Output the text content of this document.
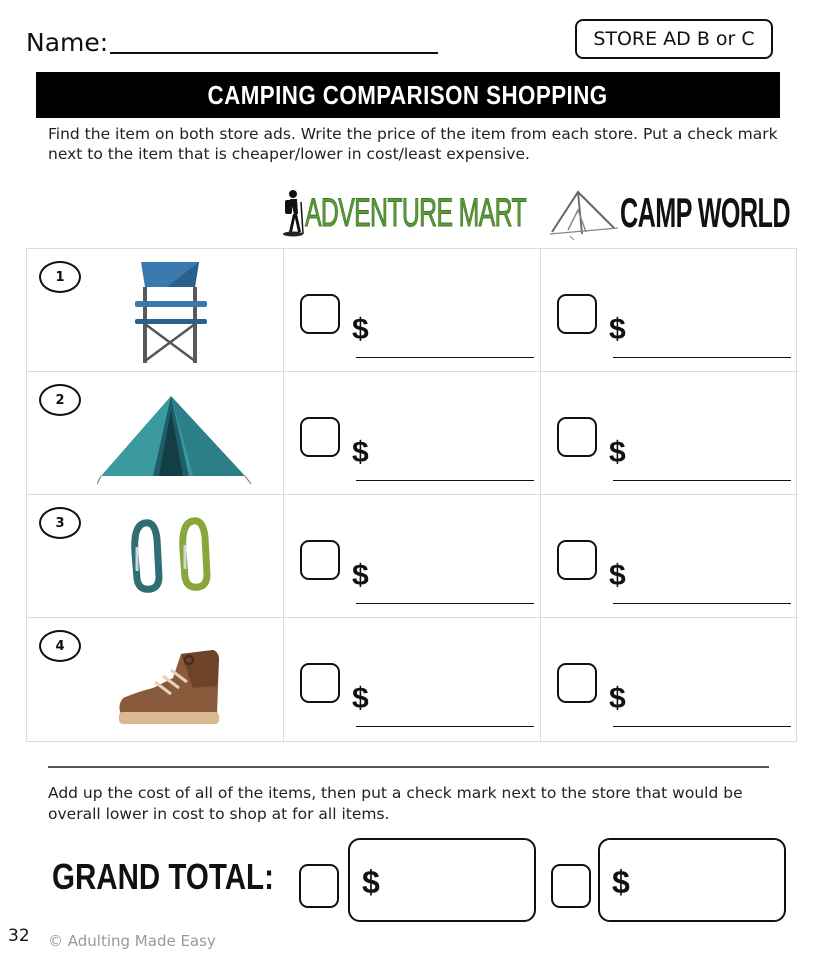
Name:	STORE AD B or C
CAMPING COMPARISON SHOPPING
Find the item on both store ads. Write the price of the item from each store. Put a check mark next to the item that is cheaper/lower in cost/least expensive.
ADVENTURE MART CAMP WORLD
1
$	$
2
$	$
3
$	$
4
$	$
Add up the cost of all of the items, then put a check mark next to the store that would be overall lower in cost to shop at for all items.
GRAND TOTAL:	$	$
32 © Adulting Made Easy
